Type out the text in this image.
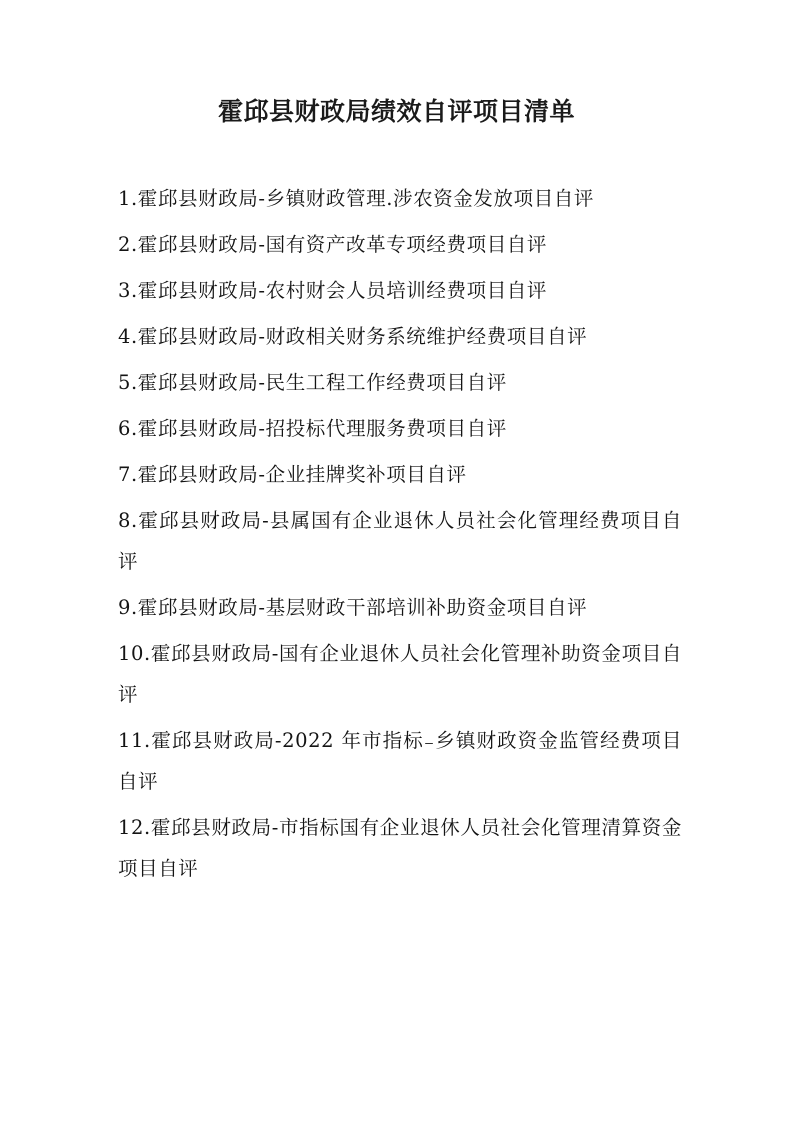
霍邱县财政局绩效自评项目清单

1.霍邱县财政局-乡镇财政管理.涉农资金发放项目自评

2.霍邱县财政局-国有资产改革专项经费项目自评

3.霍邱县财政局-农村财会人员培训经费项目自评

4.霍邱县财政局-财政相关财务系统维护经费项目自评

5.霍邱县财政局-民生工程工作经费项目自评

6.霍邱县财政局-招投标代理服务费项目自评

7.霍邱县财政局-企业挂牌奖补项目自评

8.霍邱县财政局-县属国有企业退休人员社会化管理经费项目自评

9.霍邱县财政局-基层财政干部培训补助资金项目自评

10.霍邱县财政局-国有企业退休人员社会化管理补助资金项目自评

11.霍邱县财政局-2022 年市指标₋乡镇财政资金监管经费项目自评

12.霍邱县财政局-市指标国有企业退休人员社会化管理清算资金项目自评
